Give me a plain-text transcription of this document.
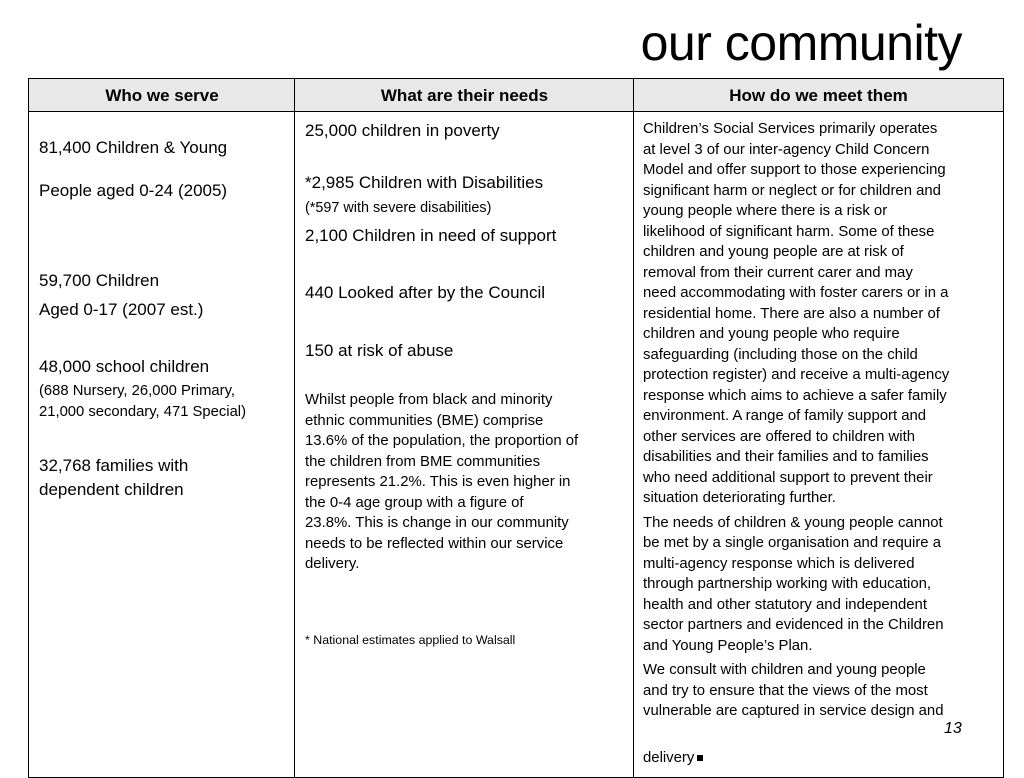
our community
Who we serve	What are their needs	How do we meet them
81,400 Children & Young
People aged 0-24 (2005)
59,700 Children
Aged 0-17 (2007 est.)
48,000 school children
(688 Nursery, 26,000 Primary,
21,000 secondary, 471 Special)
32,768 families with
dependent children
25,000 children in poverty
*2,985 Children with Disabilities
(*597 with severe disabilities)
2,100 Children in need of support
440 Looked after by the Council
150 at risk of abuse
Whilst people from black and minority
ethnic communities (BME) comprise
13.6% of the population, the proportion of
the children from BME communities
represents 21.2%. This is even higher in
the 0-4 age group with a figure of
23.8%. This is change in our community
needs to be reflected within our service
delivery.
* National estimates applied to Walsall
Children’s Social Services primarily operates
at level 3 of our inter-agency Child Concern
Model and offer support to those experiencing
significant harm or neglect or for children and
young people where there is a risk or
likelihood of significant harm. Some of these
children and young people are at risk of
removal from their current carer and may
need accommodating with foster carers or in a
residential home. There are also a number of
children and young people who require
safeguarding (including those on the child
protection register) and receive a multi-agency
response which aims to achieve a safer family
environment. A range of family support and
other services are offered to children with
disabilities and their families and to families
who need additional support to prevent their
situation deteriorating further.
The needs of children & young people cannot
be met by a single organisation and require a
multi-agency response which is delivered
through partnership working with education,
health and other statutory and independent
sector partners and evidenced in the Children
and Young People’s Plan.
We consult with children and young people
and try to ensure that the views of the most
vulnerable are captured in service design and
delivery
13
